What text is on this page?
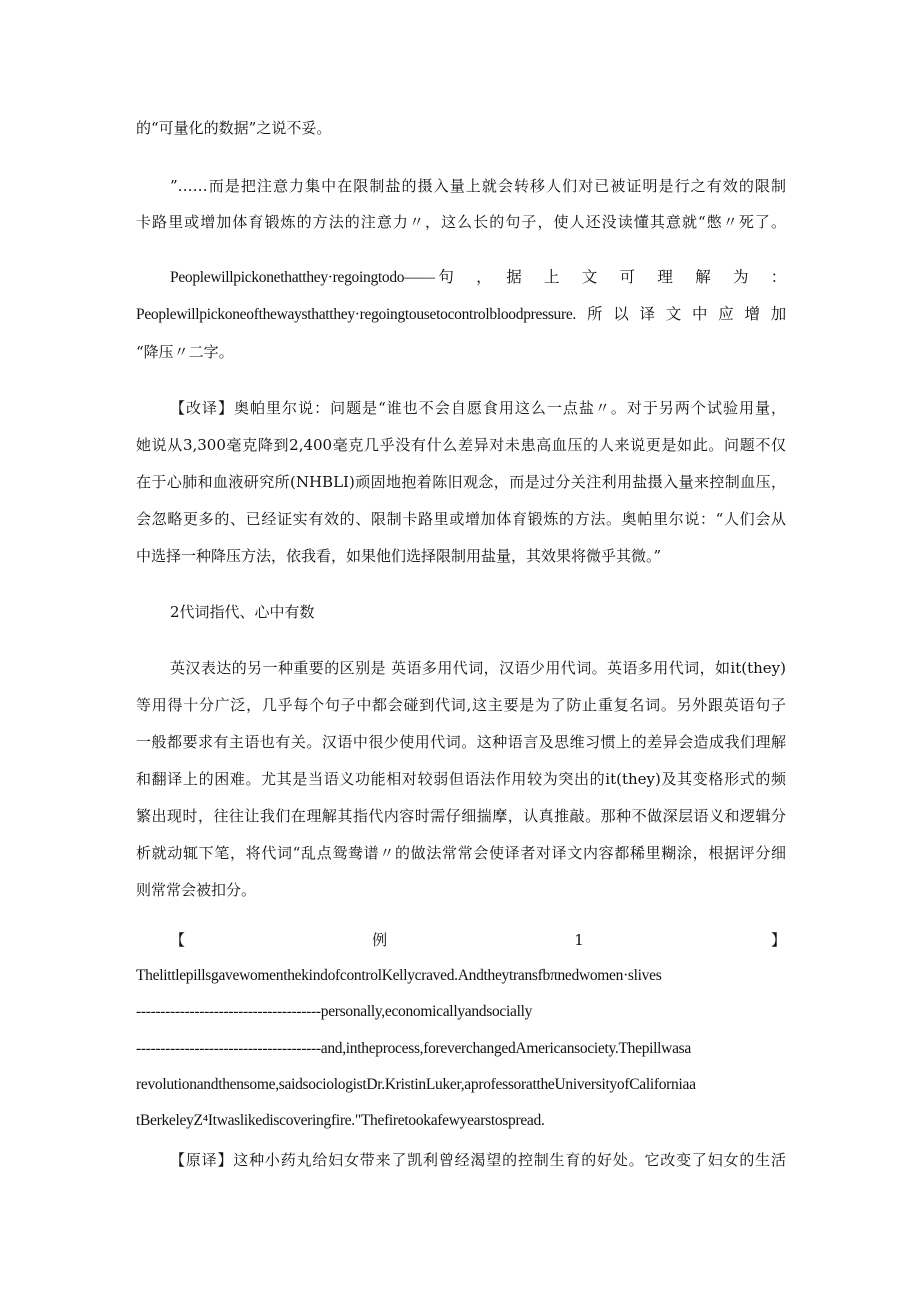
的“可量化的数据”之说不妥。
”……而是把注意力集中在限制盐的摄入量上就会转移人们对已被证明是行之有效的限制
卡路里或增加体育锻炼的方法的注意力〃，这么长的句子，使人还没读懂其意就“憋〃死了。
Peoplewillpickonethatthey·regoingtodo——句　，　据　上　文　可　理　解　为　：
Peoplewillpickoneofthewaysthatthey·regoingtousetocontrolbloodpressure.所以译文中应增加
“降压〃二字。
【改译】奥帕里尔说：问题是“谁也不会自愿食用这么一点盐〃。对于另两个试验用量，
她说从3,300毫克降到2,400毫克几乎没有什么差异对未患高血压的人来说更是如此。问题不仅
在于心肺和血液研究所(NHBLI)顽固地抱着陈旧观念，而是过分关注利用盐摄入量来控制血压，
会忽略更多的、已经证实有效的、限制卡路里或增加体育锻炼的方法。奥帕里尔说：“人们会从
中选择一种降压方法，依我看，如果他们选择限制用盐量，其效果将微乎其微。”
2代词指代、心中有数
英汉表达的另一种重要的区别是 英语多用代词，汉语少用代词。英语多用代词，如it(they)
等用得十分广泛，几乎每个句子中都会碰到代词,这主要是为了防止重复名词。另外跟英语句子
一般都要求有主语也有关。汉语中很少使用代词。这种语言及思维习惯上的差异会造成我们理解
和翻译上的困难。尤其是当语义功能相对较弱但语法作用较为突出的it(they)及其变格形式的频
繁出现时，往往让我们在理解其指代内容时需仔细揣摩，认真推敲。那种不做深层语义和逻辑分
析就动辄下笔，将代词“乱点鸳鸯谱〃的做法常常会使译者对译文内容都稀里糊涂，根据评分细
则常常会被扣分。
【　例　1　】
ThelittlepillsgavewomenthekindofcontrolKellycraved.Andtheytransfbπnedwomen·slives
--------------------------------------personally,economicallyandsocially
--------------------------------------and,intheprocess,foreverchangedAmericansociety.Thepillwasa
revolutionandthensome,saidsociologistDr.KristinLuker,aprofessorattheUniversityofCaliforniaa
tBerkeleyZ⁴Itwaslikediscoveringfire."Thefiretookafewyearstospread.
【原译】这种小药丸给妇女带来了凯利曾经渴望的控制生育的好处。它改变了妇女的生活
